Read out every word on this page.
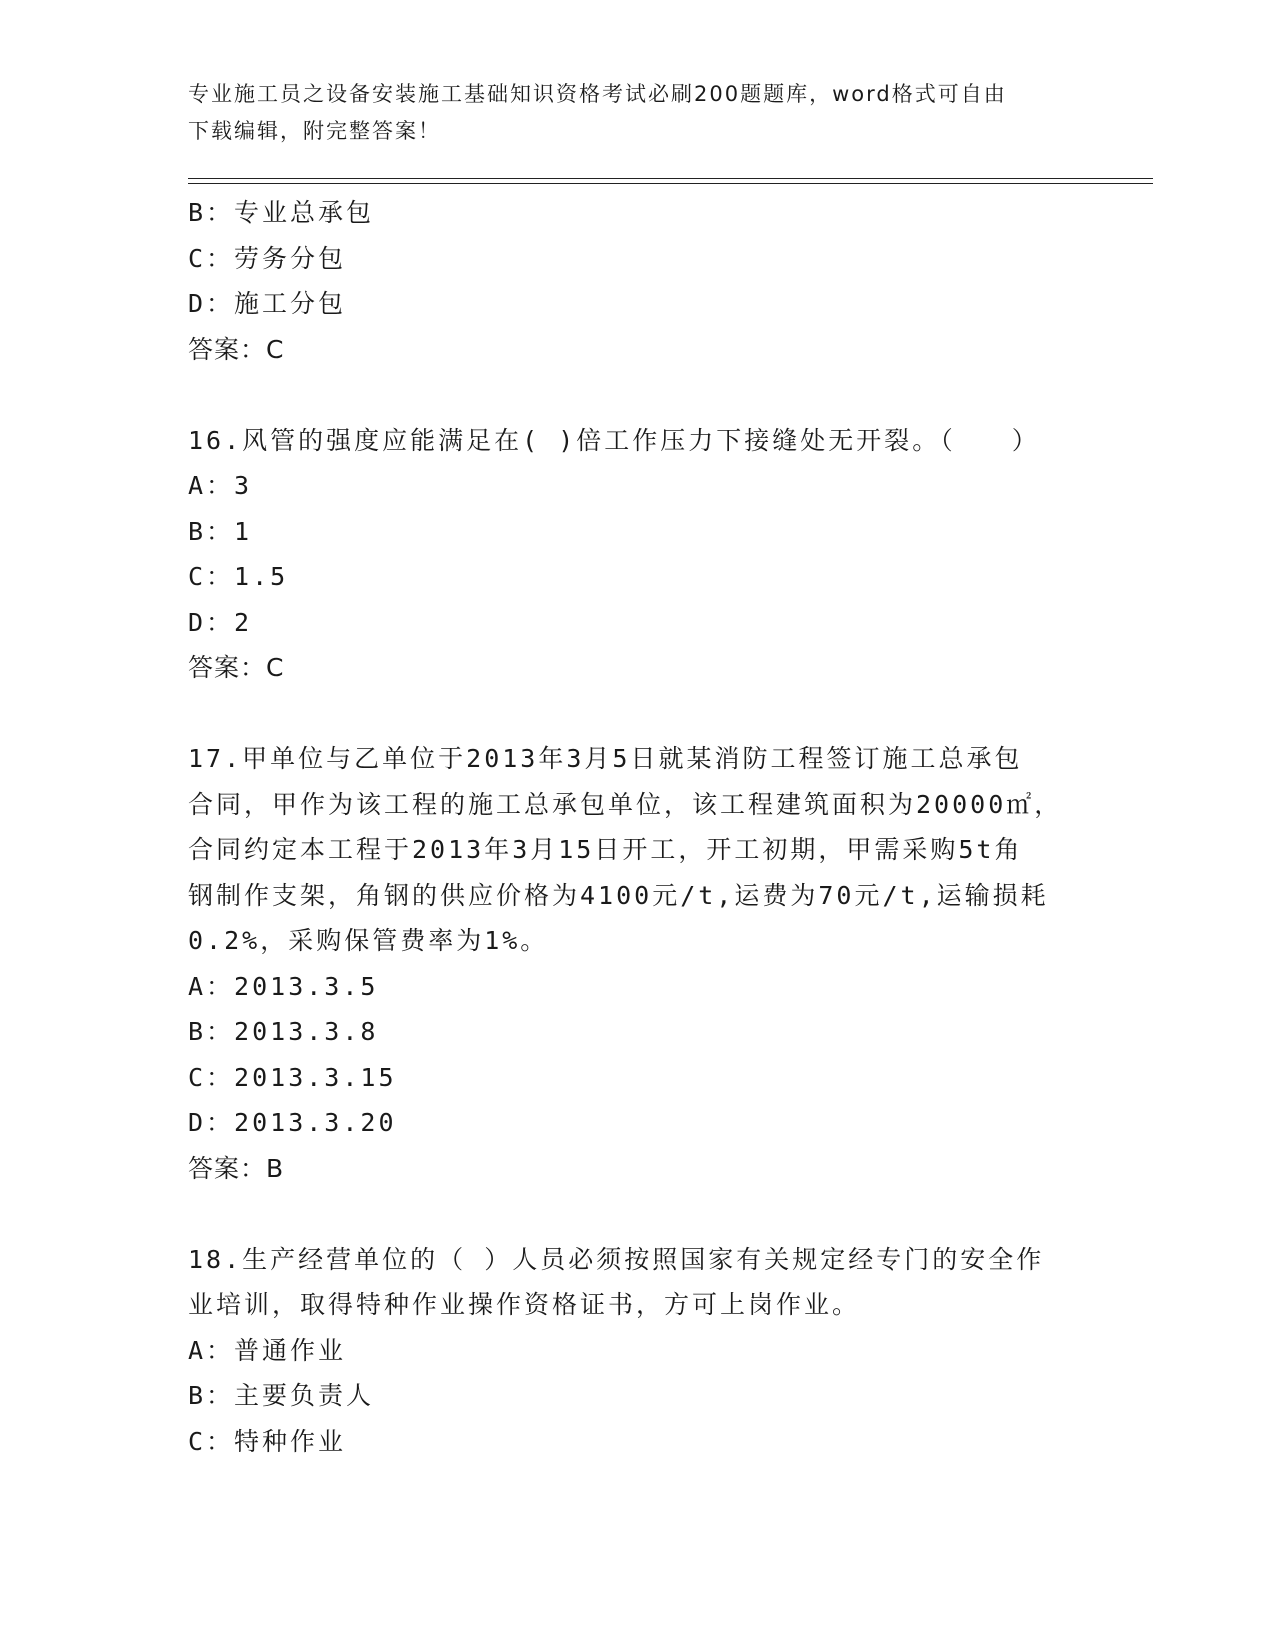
专业施工员之设备安装施工基础知识资格考试必刷200题题库，word格式可自由
下载编辑，附完整答案！
B：专业总承包
C：劳务分包
D：施工分包
答案：C
16.风管的强度应能满足在( )倍工作压力下接缝处无开裂。（　　）
A：3
B：1
C：1.5
D：2
答案：C
17.甲单位与乙单位于2013年3月5日就某消防工程签订施工总承包
合同，甲作为该工程的施工总承包单位，该工程建筑面积为20000㎡，
合同约定本工程于2013年3月15日开工，开工初期，甲需采购5t角
钢制作支架，角钢的供应价格为4100元/t,运费为70元/t,运输损耗
0.2%，采购保管费率为1%。
A：2013.3.5
B：2013.3.8
C：2013.3.15
D：2013.3.20
答案：B
18.生产经营单位的（ ）人员必须按照国家有关规定经专门的安全作
业培训，取得特种作业操作资格证书，方可上岗作业。
A：普通作业
B：主要负责人
C：特种作业
